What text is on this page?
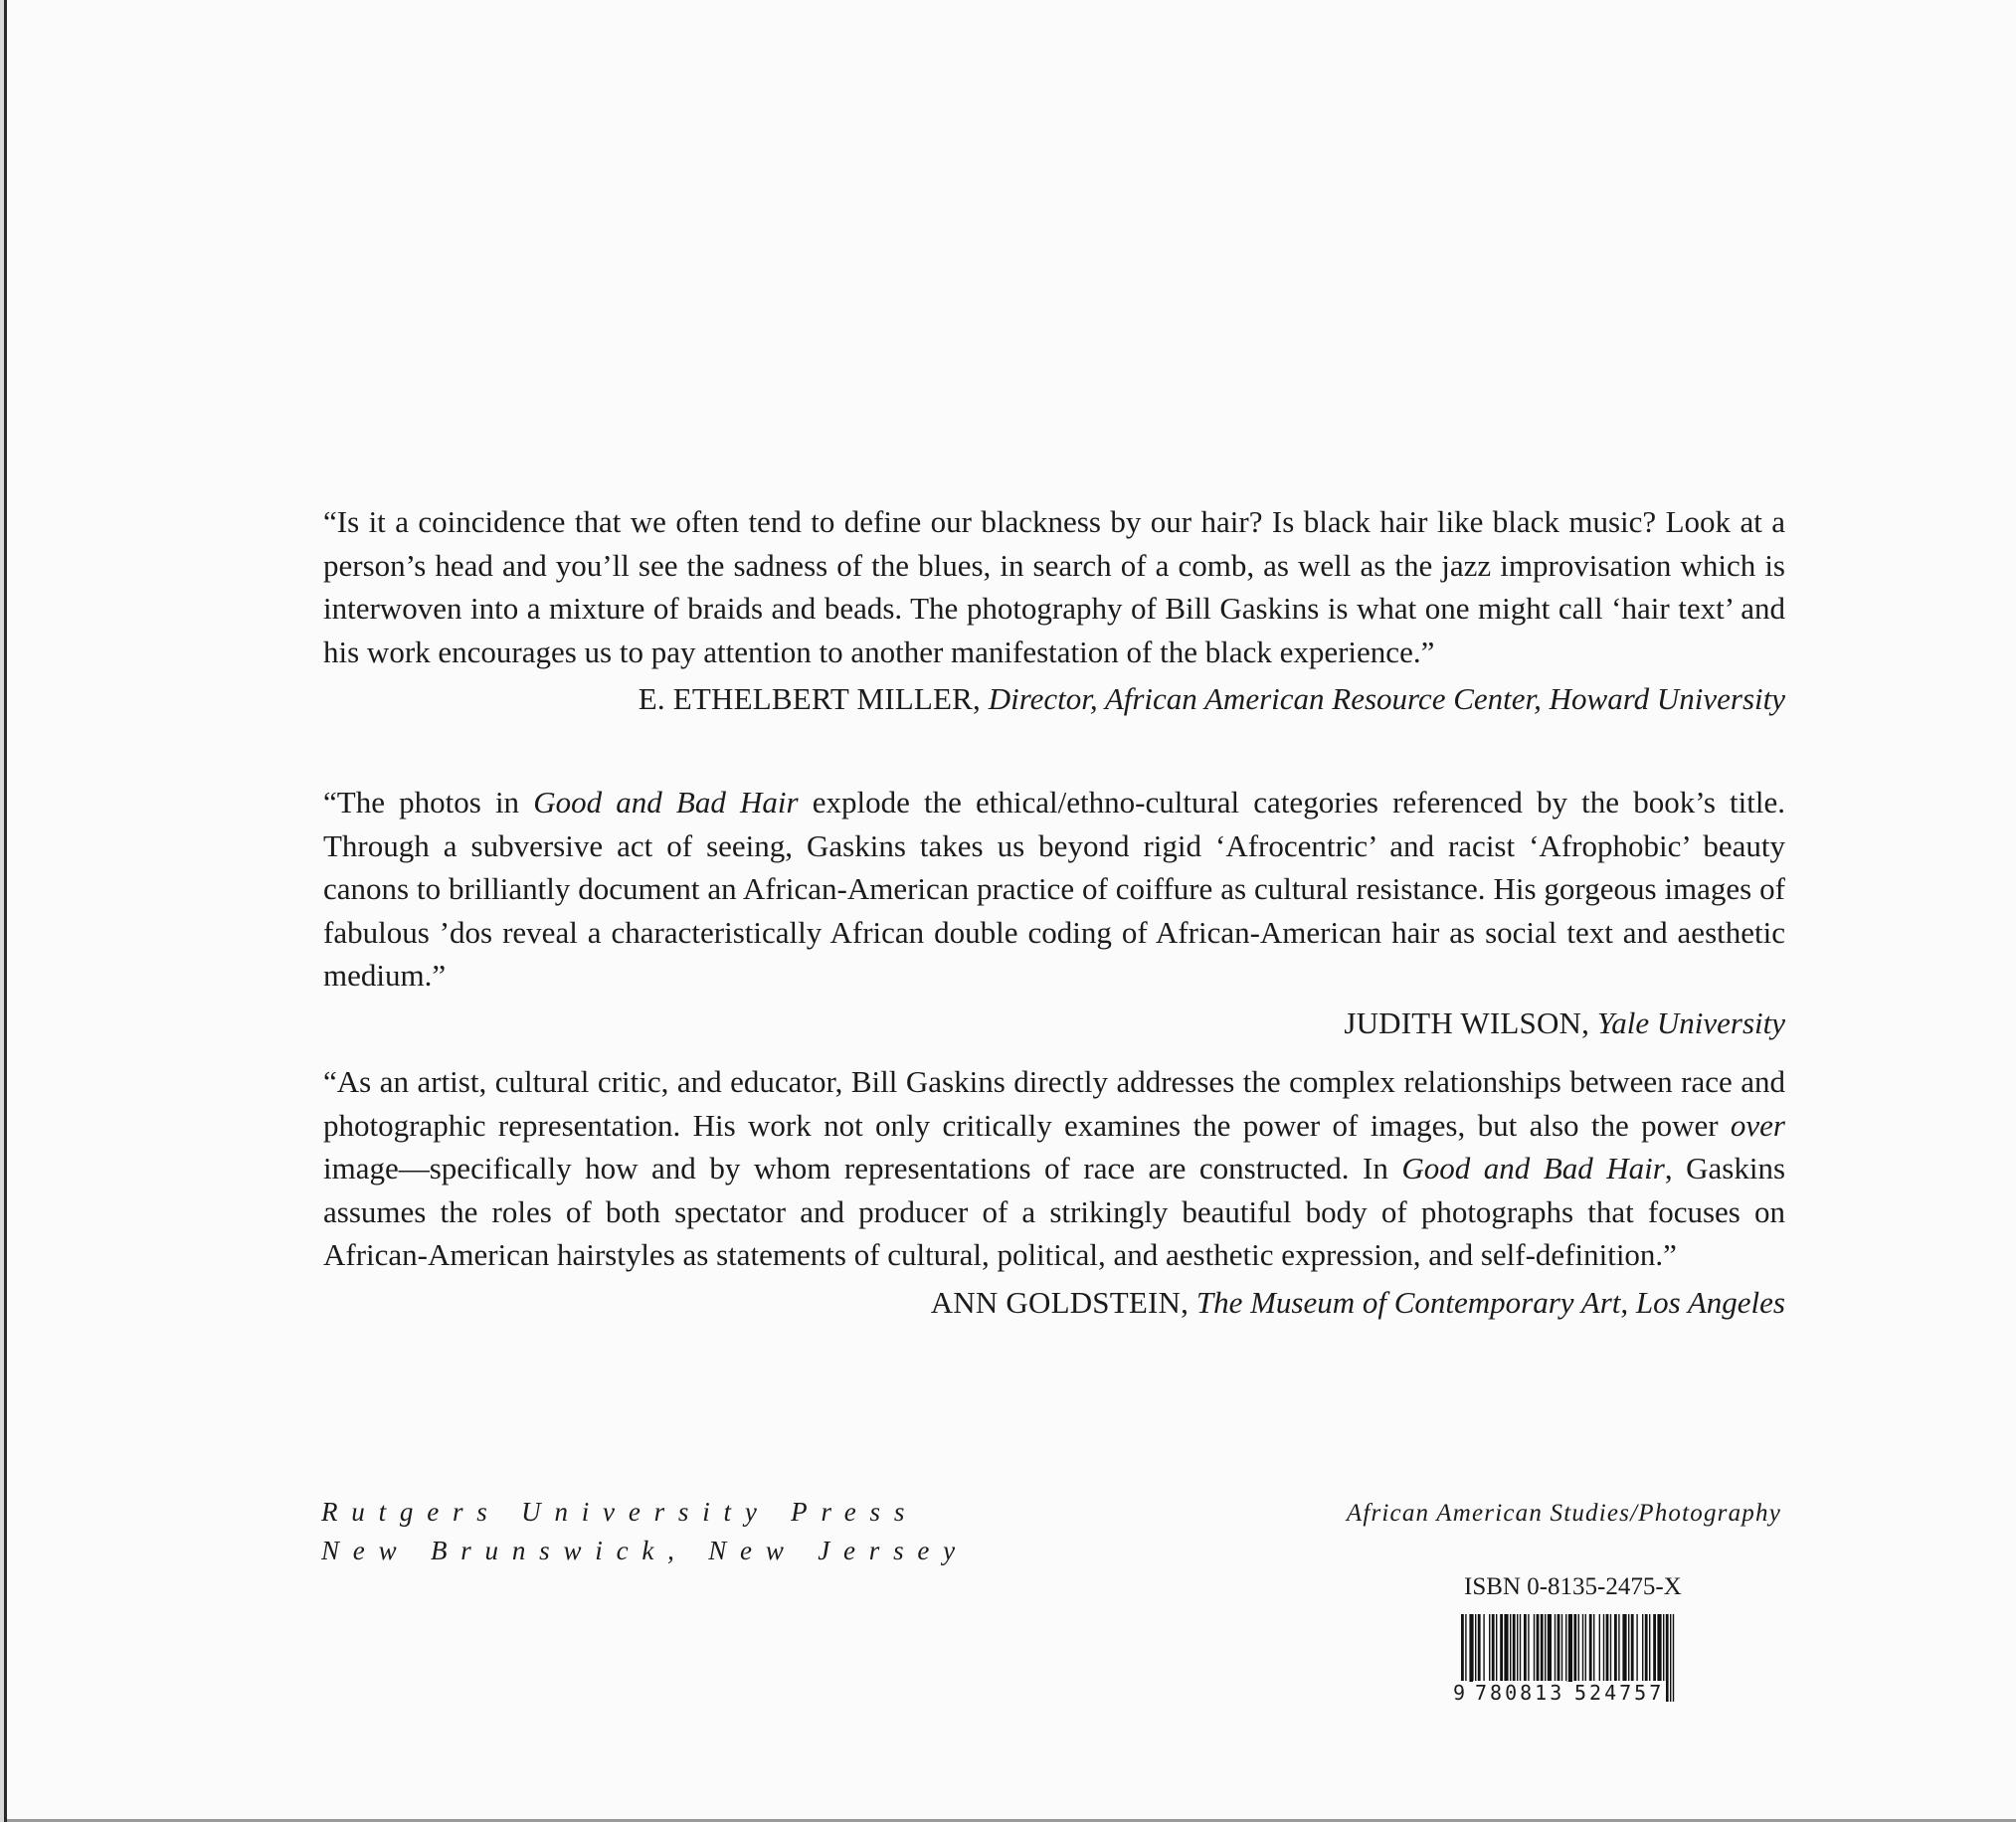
“Is it a coincidence that we often tend to define our blackness by our hair? Is black hair like black music? Look at a person’s head and you’ll see the sadness of the blues, in search of a comb, as well as the jazz improvisation which is interwoven into a mixture of braids and beads. The photography of Bill Gaskins is what one might call ‘hair text’ and his work encourages us to pay attention to another manifestation of the black experience.”

E. ETHELBERT MILLER, Director, African American Resource Center, Howard University

“The photos in Good and Bad Hair explode the ethical/ethno-cultural categories referenced by the book’s title. Through a subversive act of seeing, Gaskins takes us beyond rigid ‘Afrocentric’ and racist ‘Afrophobic’ beauty canons to brilliantly document an African-American practice of coiffure as cultural resistance. His gorgeous images of fabulous ’dos reveal a characteristically African double coding of African-American hair as social text and aesthetic medium.”

JUDITH WILSON, Yale University

“As an artist, cultural critic, and educator, Bill Gaskins directly addresses the complex relationships between race and photographic representation. His work not only critically examines the power of images, but also the power over image—specifically how and by whom representations of race are constructed. In Good and Bad Hair, Gaskins assumes the roles of both spectator and producer of a strikingly beautiful body of photographs that focuses on African-American hairstyles as statements of cultural, political, and aesthetic expression, and self-definition.”

ANN GOLDSTEIN, The Museum of Contemporary Art, Los Angeles

Rutgers University Press
New Brunswick, New Jersey
African American Studies/Photography
ISBN 0-8135-2475-X
9 780813 524757
